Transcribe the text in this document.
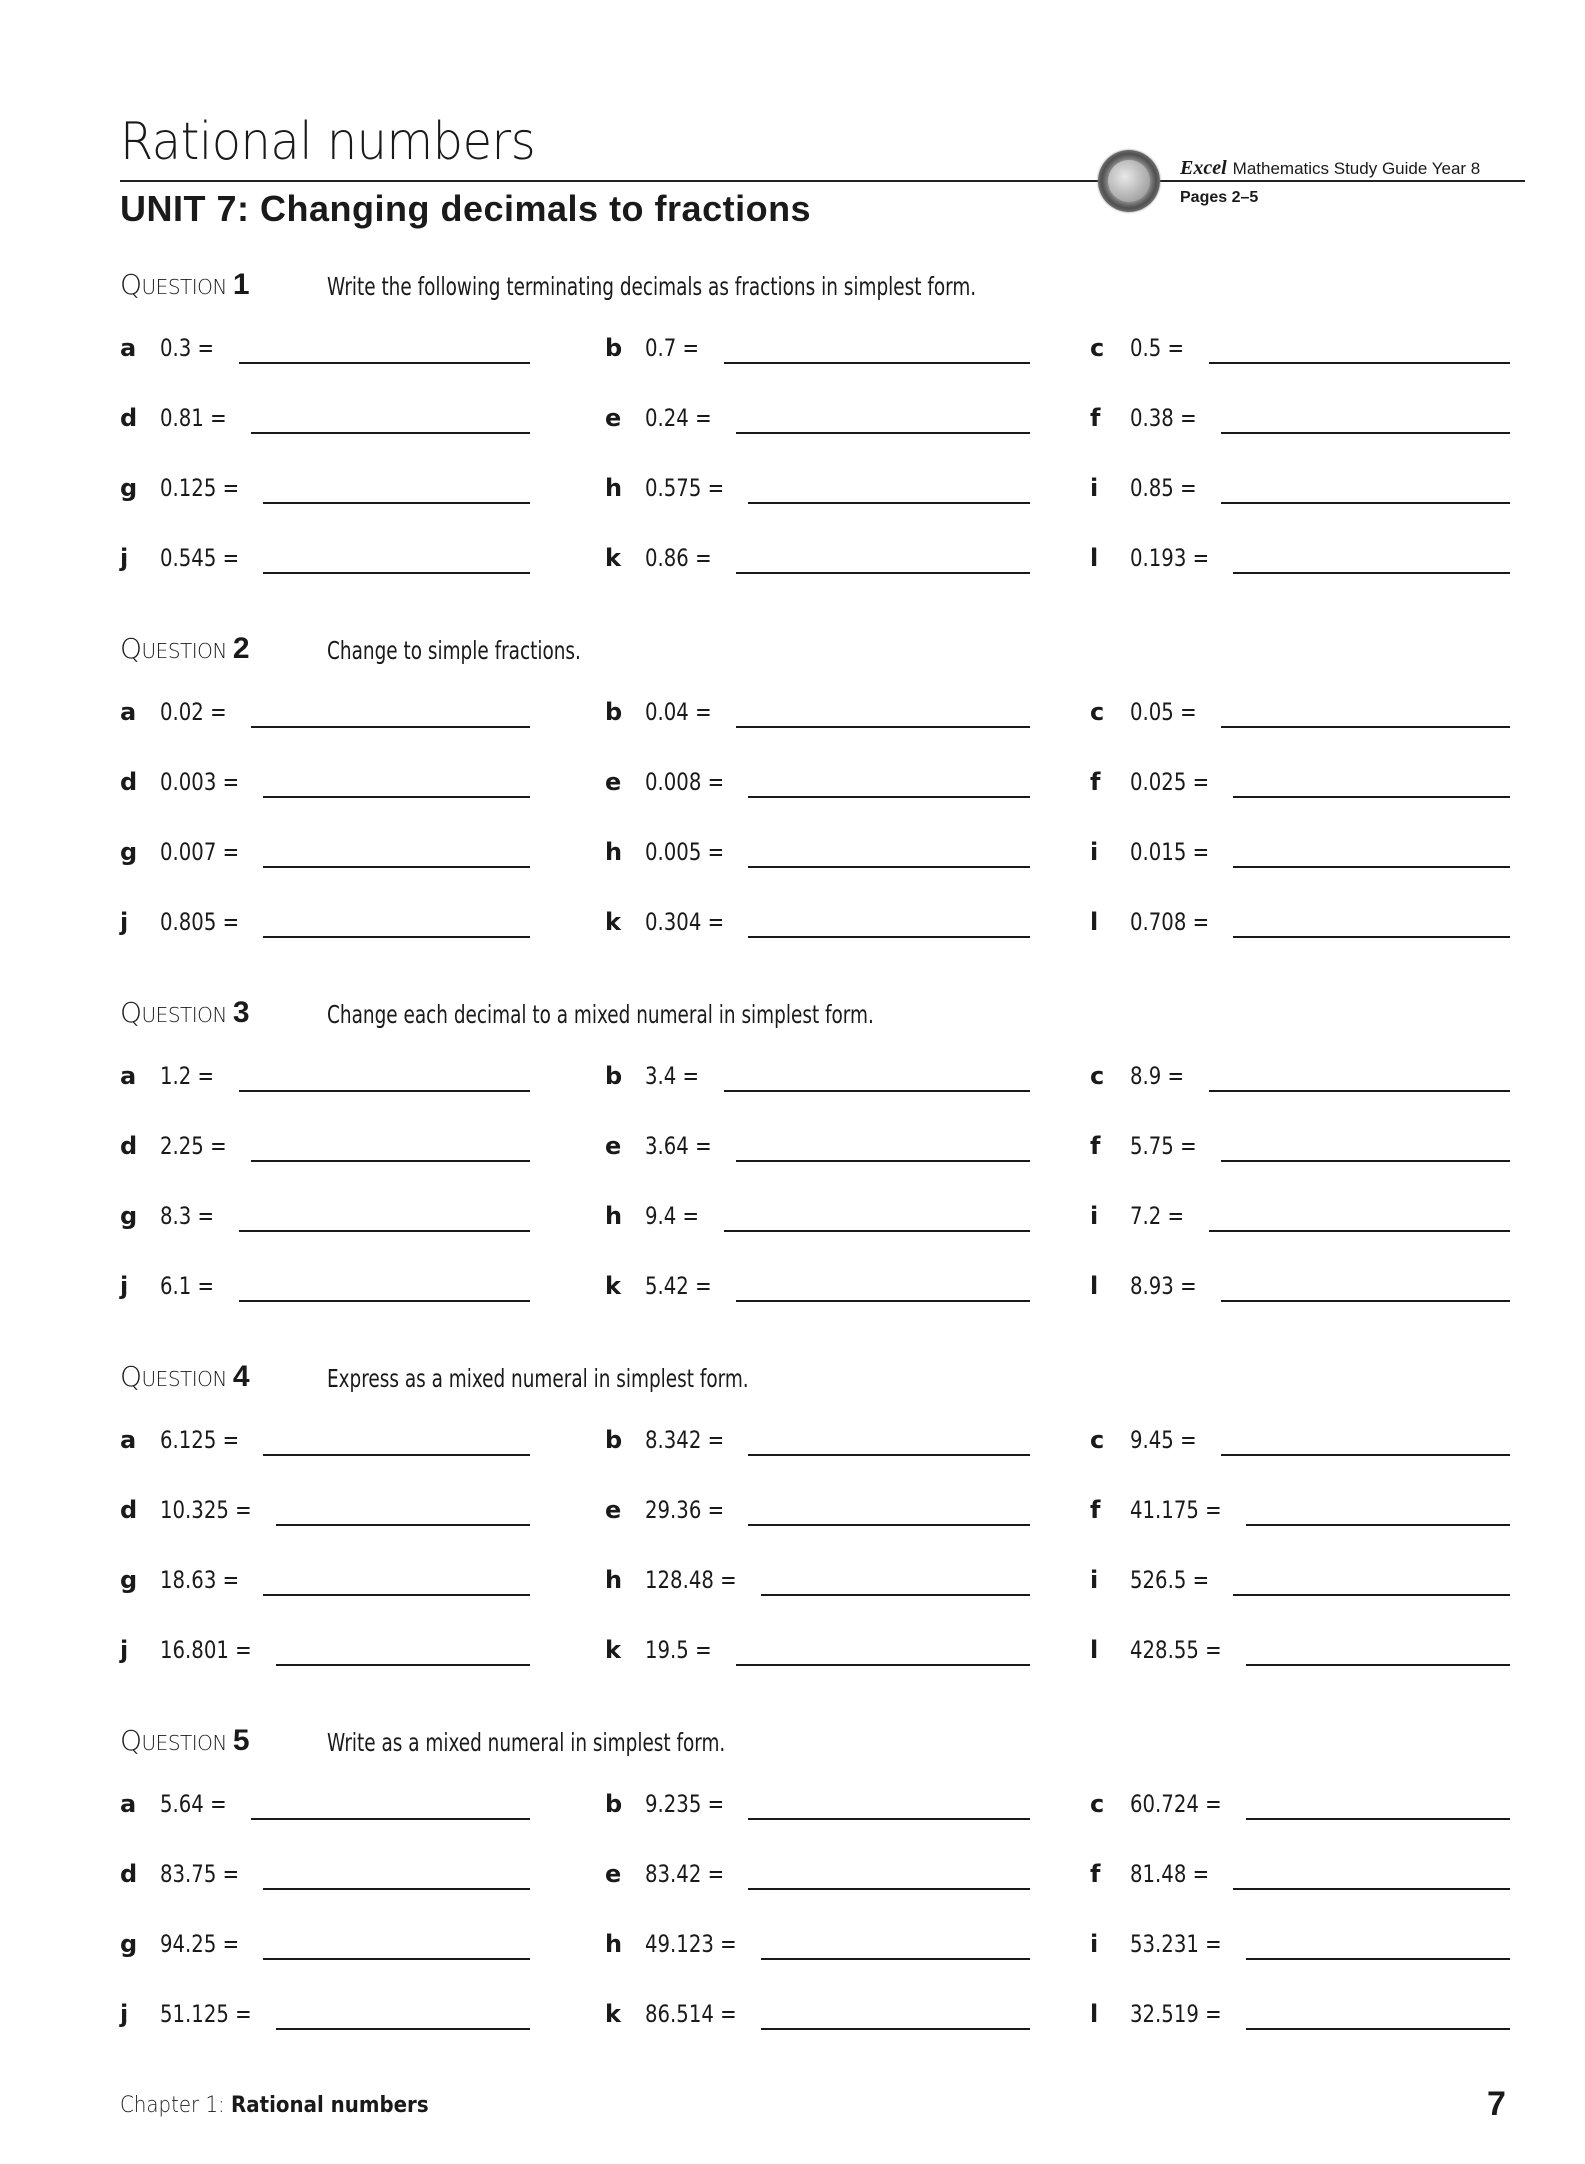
Rational numbers
UNIT 7: Changing decimals to fractions
Excel Mathematics Study Guide Year 8
Pages 2–5
Question 1	Write the following terminating decimals as fractions in simplest form.
a 0.3 =	b 0.7 =	c 0.5 =
d 0.81 =	e 0.24 =	f 0.38 =
g 0.125 =	h 0.575 =	i 0.85 =
j 0.545 =	k 0.86 =	l 0.193 =
Question 2	Change to simple fractions.
a 0.02 =	b 0.04 =	c 0.05 =
d 0.003 =	e 0.008 =	f 0.025 =
g 0.007 =	h 0.005 =	i 0.015 =
j 0.805 =	k 0.304 =	l 0.708 =
Question 3	Change each decimal to a mixed numeral in simplest form.
a 1.2 =	b 3.4 =	c 8.9 =
d 2.25 =	e 3.64 =	f 5.75 =
g 8.3 =	h 9.4 =	i 7.2 =
j 6.1 =	k 5.42 =	l 8.93 =
Question 4	Express as a mixed numeral in simplest form.
a 6.125 =	b 8.342 =	c 9.45 =
d 10.325 =	e 29.36 =	f 41.175 =
g 18.63 =	h 128.48 =	i 526.5 =
j 16.801 =	k 19.5 =	l 428.55 =
Question 5	Write as a mixed numeral in simplest form.
a 5.64 =	b 9.235 =	c 60.724 =
d 83.75 =	e 83.42 =	f 81.48 =
g 94.25 =	h 49.123 =	i 53.231 =
j 51.125 =	k 86.514 =	l 32.519 =
Chapter 1: Rational numbers	7
